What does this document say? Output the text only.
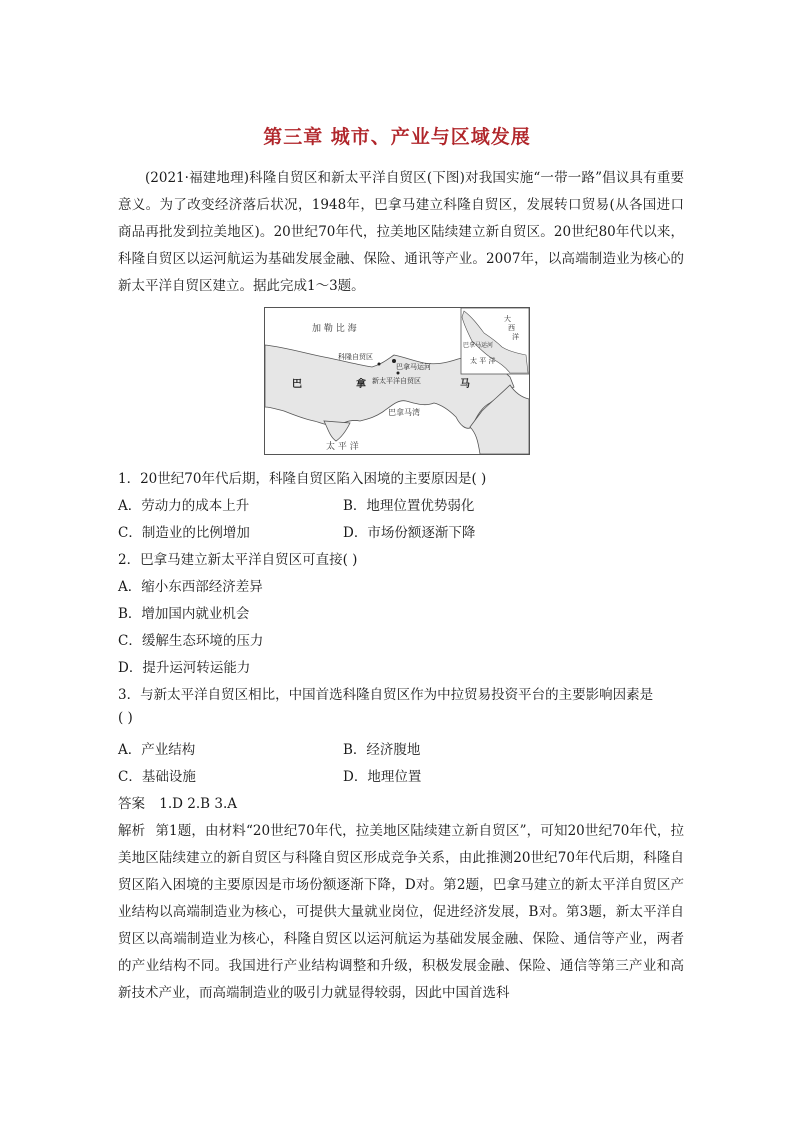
第三章 城市、产业与区域发展

(2021·福建地理)科隆自贸区和新太平洋自贸区(下图)对我国实施“一带一路”倡议具有重要意义。为了改变经济落后状况，1948年，巴拿马建立科隆自贸区，发展转口贸易(从各国进口商品再批发到拉美地区)。20世纪70年代，拉美地区陆续建立新自贸区。20世纪80年代以来，科隆自贸区以运河航运为基础发展金融、保险、通讯等产业。2007年，以高端制造业为核心的新太平洋自贸区建立。据此完成1～3题。

加 勒 比 海
太 平 洋
巴拿马湾
巴	拿	马
科隆自贸区
巴拿马运河
新太平洋自贸区
大
西
洋
巴拿马运河
太 平 洋
1．20世纪70年代后期，科隆自贸区陷入困境的主要原因是( )
A．劳动力的成本上升	B．地理位置优势弱化
C．制造业的比例增加	D．市场份额逐渐下降
2．巴拿马建立新太平洋自贸区可直接( )
A．缩小东西部经济差异
B．增加国内就业机会
C．缓解生态环境的压力
D．提升运河转运能力
3．与新太平洋自贸区相比，中国首选科隆自贸区作为中拉贸易投资平台的主要影响因素是
( )
A．产业结构	B．经济腹地
C．基础设施	D．地理位置
答案 1.D 2.B 3.A

解析 第1题，由材料“20世纪70年代，拉美地区陆续建立新自贸区”，可知20世纪70年代，拉美地区陆续建立的新自贸区与科隆自贸区形成竞争关系，由此推测20世纪70年代后期，科隆自贸区陷入困境的主要原因是市场份额逐渐下降，D对。第2题，巴拿马建立的新太平洋自贸区产业结构以高端制造业为核心，可提供大量就业岗位，促进经济发展，B对。第3题，新太平洋自贸区以高端制造业为核心，科隆自贸区以运河航运为基础发展金融、保险、通信等产业，两者的产业结构不同。我国进行产业结构调整和升级，积极发展金融、保险、通信等第三产业和高新技术产业，而高端制造业的吸引力就显得较弱，因此中国首选科
